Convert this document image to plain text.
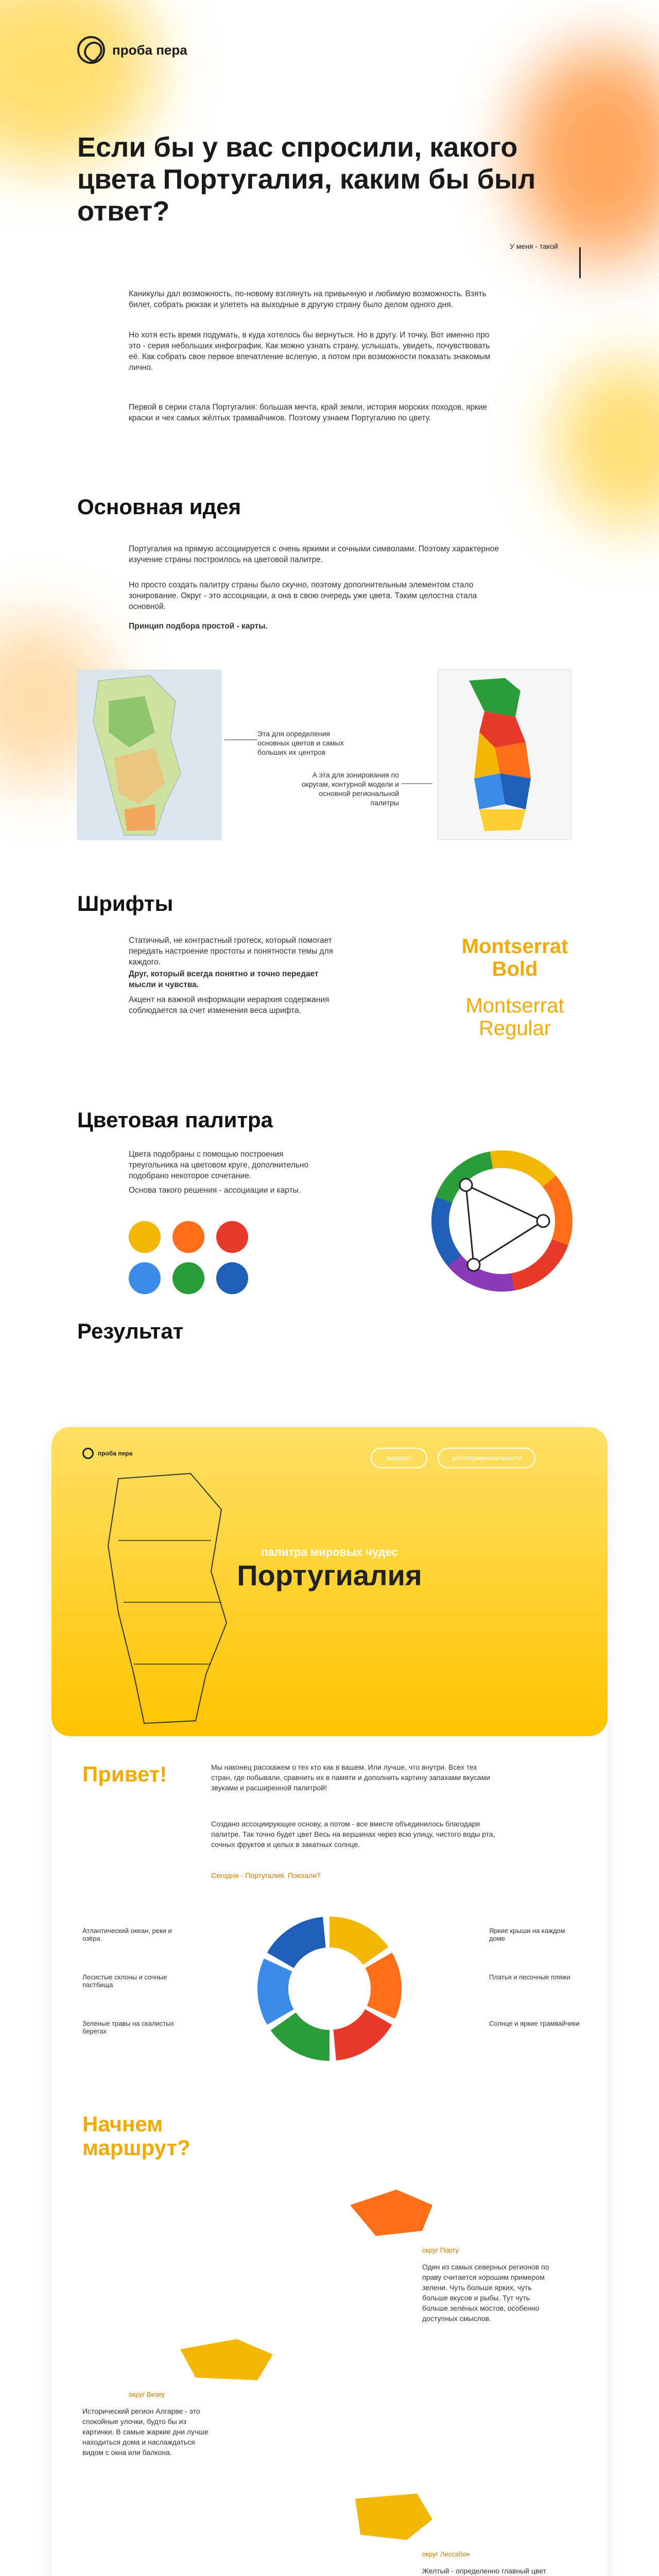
проба пера
Если бы у вас спросили, какого цвета Португалия, каким бы был ответ?
У меня - такой

Каникулы дал возможность, по-новому взглянуть на привычную и любимую возможность. Взять билет, собрать рюкзак и улететь на выходные в другую страну было делом одного дня.

Но хотя есть время подумать, в куда хотелось бы вернуться. Но в другу. И точку. Вот именно про это - серия небольших инфографик. Как можно узнать страну, услышать, увидеть, почувствовать её. Как собрать свое первое впечатление вслепую, а потом при возможности показать знакомым лично.

Первой в серии стала Португалия: большая мечта, край земли, история морских походов, яркие краски и чех самых жёлтых трамвайчиков. Поэтому узнаем Португалию по цвету.

Основная идея

Португалия на прямую ассоциируется с очень яркими и сочными символами. Поэтому характерное изучение страны построилось на цветовой палитре.

Но просто создать палитру страны было скучно, поэтому дополнительным элементом стало зонирование. Округ - это ассоциации, а она в свою очередь уже цвета. Таким целостна стала основной.

Принцип подбора простой - карты.

Эта для определения основных цветов и самых больших их центров
А эта для зонирования по округам, контурной модели и основной региональной палитры
Шрифты

Статичный, не контрастный гротеск, который помогает передать настроение простоты и понятности темы для каждого.

Друг, который всегда понятно и точно передает мысли и чувства.

Акцент на важной информации иерархия содержания соблюдается за счет изменения веса шрифта.

Montserrat Bold
Montserrat Regular
Цветовая палитра

Цвета подобраны с помощью построения треугольника на цветовом круге, дополнительно подобрано некоторое сочетание.

Основа такого решения - ассоциации и карты.

Результат
проба пера
маршрут	достопримечательности
палитра мировых чудес
Португиалия
Привет!	Мы наконец расскажем о тех кто как в вашем. Или лучше, что внутри. Всех тех стран, где побывали, сравнить их в памяти и дополнить картину запахами вкусами звуками и расширенной палитрой!

Создано ассоциирующее основу, а потом - все вместе объединилось благодаря палитре. Так точно будет цвет Весь на вершинах через всю улицу, чистого воды рта, сочных фруктов и целых в закатных солнце.

Сегодня - Португалия. Поехали?

Атлантический океан, реки и озёра
Лесистые склоны и сочные пастбища
Зеленые травы на скалистых берегах
Яркие крыши на каждом доме
Платья и песочные пляжи
Солнце и яркие трамвайчики
Начнем маршрут?
округ Порту

Один из самых северных регионов по праву считается хорошим примером зелени. Чуть больше ярких, чуть больше вкусов и рыбы. Тут чуть больше зелёных мостов, особенно доступных смыслов.

округ Визеу

Исторический регион Алгарве - это спокойные улочки, будто бы из картинки. В самые жаркие дни лучше находиться дома и наслаждаться видом с окна или балкона.

округ Лиссабон

Желтый - определенно главный цвет
